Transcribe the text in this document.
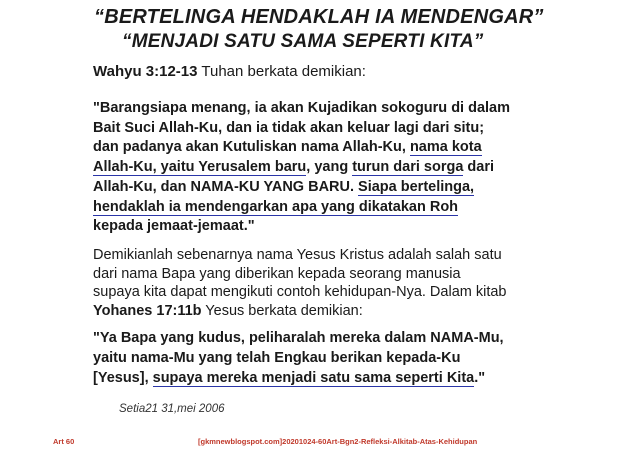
“BERTELINGA HENDAKLAH IA MENDENGAR”
“MENJADI SATU SAMA SEPERTI KITA”
Wahyu 3:12-13 Tuhan berkata demikian:
"Barangsiapa menang, ia akan Kujadikan sokoguru di dalam
Bait Suci Allah-Ku, dan ia tidak akan keluar lagi dari situ;
dan padanya akan Kutuliskan nama Allah-Ku, nama kota
Allah-Ku, yaitu Yerusalem baru, yang turun dari sorga dari
Allah-Ku, dan NAMA-KU YANG BARU. Siapa bertelinga,
hendaklah ia mendengarkan apa yang dikatakan Roh
kepada jemaat-jemaat."
Demikianlah sebenarnya nama Yesus Kristus adalah salah satu
dari nama Bapa yang diberikan kepada seorang manusia
supaya kita dapat mengikuti contoh kehidupan-Nya. Dalam kitab
Yohanes 17:11b Yesus berkata demikian:
"Ya Bapa yang kudus, peliharalah mereka dalam NAMA-Mu,
yaitu nama-Mu yang telah Engkau berikan kepada-Ku
[Yesus], supaya mereka menjadi satu sama seperti Kita."
Setia21 31,mei 2006
Art 60	[gkmnewblogspot.com]20201024-60Art-Bgn2-Refleksi-Alkitab-Atas-Kehidupan
